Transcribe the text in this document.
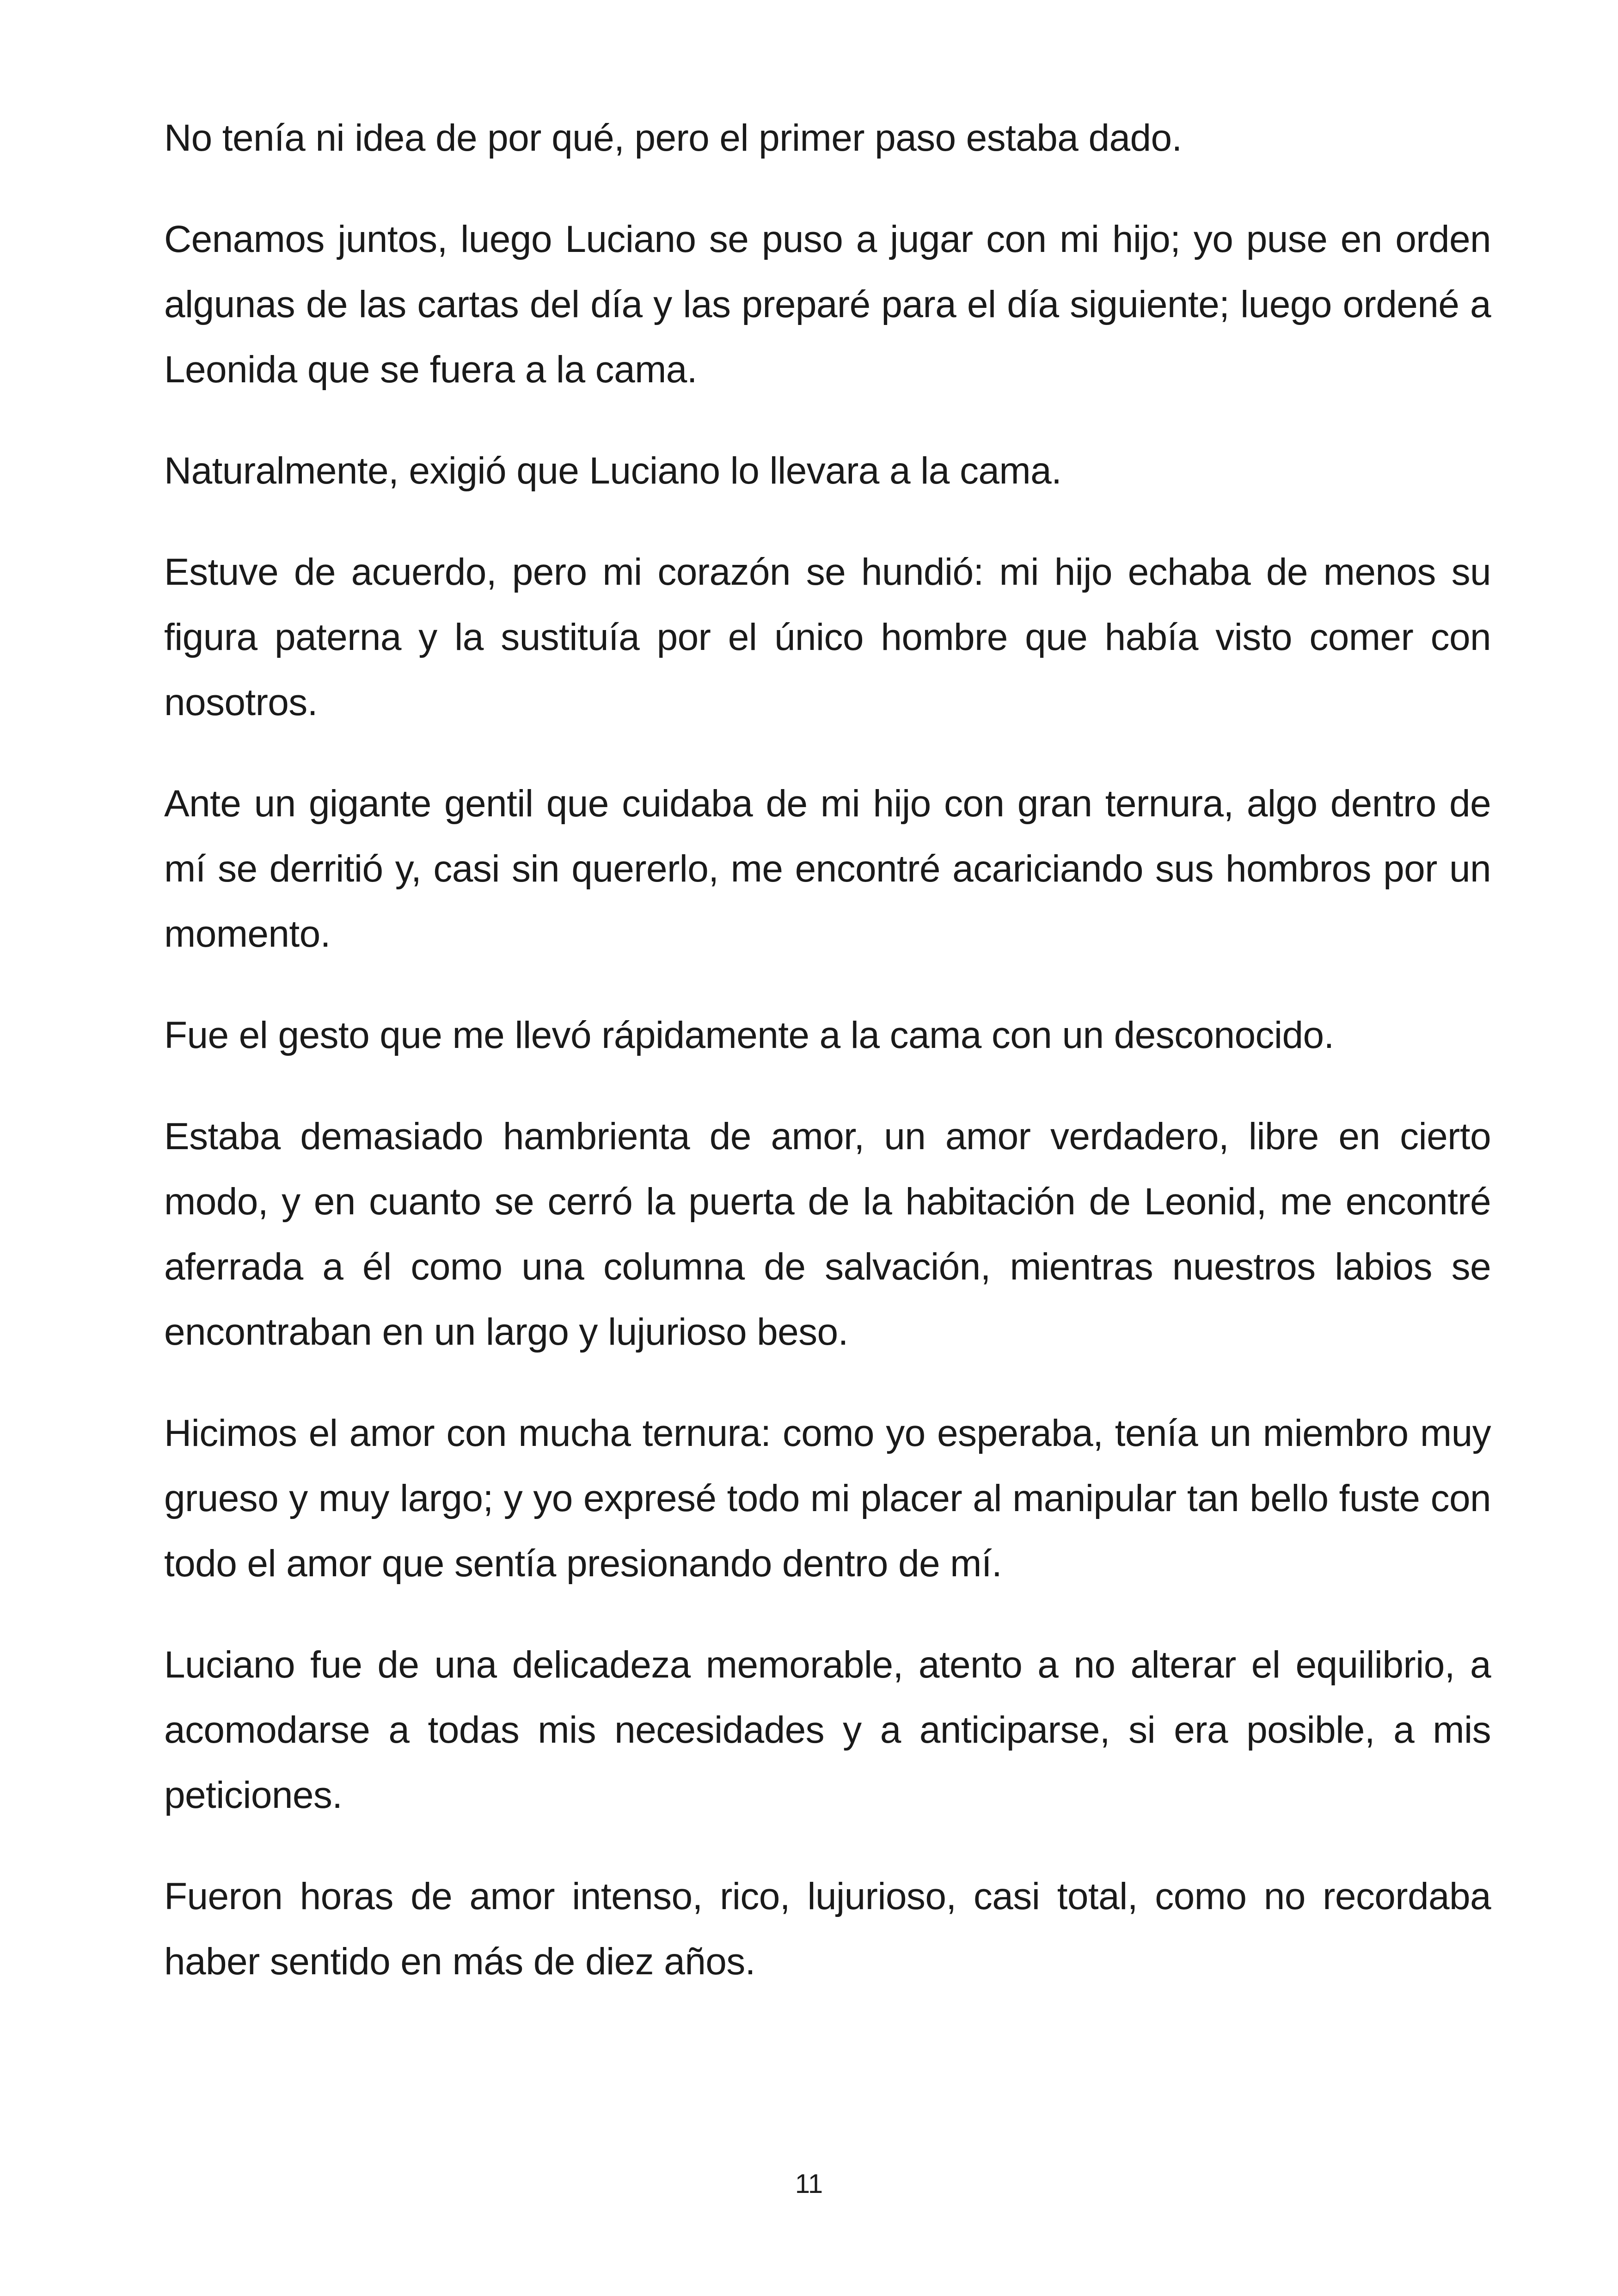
No tenía ni idea de por qué, pero el primer paso estaba dado.

Cenamos juntos, luego Luciano se puso a jugar con mi hijo; yo puse en orden algunas de las cartas del día y las preparé para el día siguiente; luego ordené a Leonida que se fuera a la cama.

Naturalmente, exigió que Luciano lo llevara a la cama.

Estuve de acuerdo, pero mi corazón se hundió: mi hijo echaba de menos su figura paterna y la sustituía por el único hombre que había visto comer con nosotros.

Ante un gigante gentil que cuidaba de mi hijo con gran ternura, algo dentro de mí se derritió y, casi sin quererlo, me encontré acariciando sus hombros por un momento.

Fue el gesto que me llevó rápidamente a la cama con un desconocido.

Estaba demasiado hambrienta de amor, un amor verdadero, libre en cierto modo, y en cuanto se cerró la puerta de la habitación de Leonid, me encontré aferrada a él como una columna de salvación, mientras nuestros labios se encontraban en un largo y lujurioso beso.

Hicimos el amor con mucha ternura: como yo esperaba, tenía un miembro muy grueso y muy largo; y yo expresé todo mi placer al manipular tan bello fuste con todo el amor que sentía presionando dentro de mí.

Luciano fue de una delicadeza memorable, atento a no alterar el equilibrio, a acomodarse a todas mis necesidades y a anticiparse, si era posible, a mis peticiones.

Fueron horas de amor intenso, rico, lujurioso, casi total, como no recordaba haber sentido en más de diez años.

11
